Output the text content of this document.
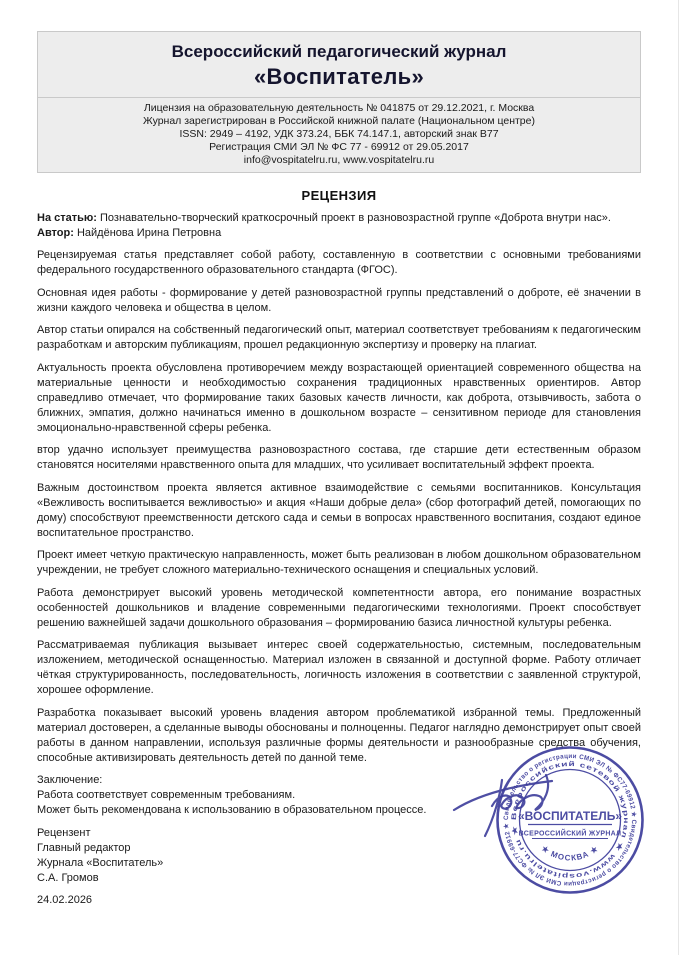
Всероссийский педагогический журнал
«Воспитатель»
Лицензия на образовательную деятельность № 041875 от 29.12.2021, г. Москва
Журнал зарегистрирован в Российской книжной палате (Национальном центре)
ISSN: 2949 – 4192, УДК 373.24, ББК 74.147.1, авторский знак В77
Регистрация СМИ ЭЛ № ФС 77 - 69912 от 29.05.2017
info@vospitatelru.ru, www.vospitatelru.ru
РЕЦЕНЗИЯ
На статью: Познавательно-творческий краткосрочный проект в разновозрастной группе «Доброта внутри нас».
Автор: Найдёнова Ирина Петровна

Рецензируемая статья представляет собой работу, составленную в соответствии с основными требованиями федерального государственного образовательного стандарта (ФГОС).

Основная идея работы - формирование у детей разновозрастной группы представлений о доброте, её значении в жизни каждого человека и общества в целом.

Автор статьи опирался на собственный педагогический опыт, материал соответствует требованиям к педагогическим разработкам и авторским публикациям, прошел редакционную экспертизу и проверку на плагиат.

Актуальность проекта обусловлена противоречием между возрастающей ориентацией современного общества на материальные ценности и необходимостью сохранения традиционных нравственных ориентиров. Автор справедливо отмечает, что формирование таких базовых качеств личности, как доброта, отзывчивость, забота о ближних, эмпатия, должно начинаться именно в дошкольном возрасте – сензитивном периоде для становления эмоционально-нравственной сферы ребенка.

втор удачно использует преимущества разновозрастного состава, где старшие дети естественным образом становятся носителями нравственного опыта для младших, что усиливает воспитательный эффект проекта.

Важным достоинством проекта является активное взаимодействие с семьями воспитанников. Консультация «Вежливость воспитывается вежливостью» и акция «Наши добрые дела» (сбор фотографий детей, помогающих по дому) способствуют преемственности детского сада и семьи в вопросах нравственного воспитания, создают единое воспитательное пространство.

Проект имеет четкую практическую направленность, может быть реализован в любом дошкольном образовательном учреждении, не требует сложного материально-технического оснащения и специальных условий.

Работа демонстрирует высокий уровень методической компетентности автора, его понимание возрастных особенностей дошкольников и владение современными педагогическими технологиями. Проект способствует решению важнейшей задачи дошкольного образования – формированию базиса личностной культуры ребенка.

Рассматриваемая публикация вызывает интерес своей содержательностью, системным, последовательным изложением, методической оснащенностью. Материал изложен в связанной и доступной форме. Работу отличает чёткая структурированность, последовательность, логичность изложения в соответствии с заявленной структурой, хорошее оформление.

Разработка показывает высокий уровень владения автором проблематикой избранной темы. Предложенный материал достоверен, а сделанные выводы обоснованы и полноценны. Педагог наглядно демонстрирует опыт своей работы в данном направлении, используя различные формы деятельности и разнообразные средства обучения, способные активизировать деятельность детей по данной теме.

Заключение:
Работа соответствует современным требованиям.
Может быть рекомендована к использованию в образовательном процессе.
Рецензент
Главный редактор
Журнала «Воспитатель»
С.А. Громов

24.02.2026

Свидетельство о регистрации СМИ ЭЛ № ФС77-69912 ★ Свидетельство о регистрации СМИ ЭЛ № ФС77-69912 ★
Всероссийский сетевой журнал ★ www.vospitatelru.ru ★
«ВОСПИТАТЕЛЬ»
ВСЕРОССИЙСКИЙ ЖУРНАЛ
★ МОСКВА ★
